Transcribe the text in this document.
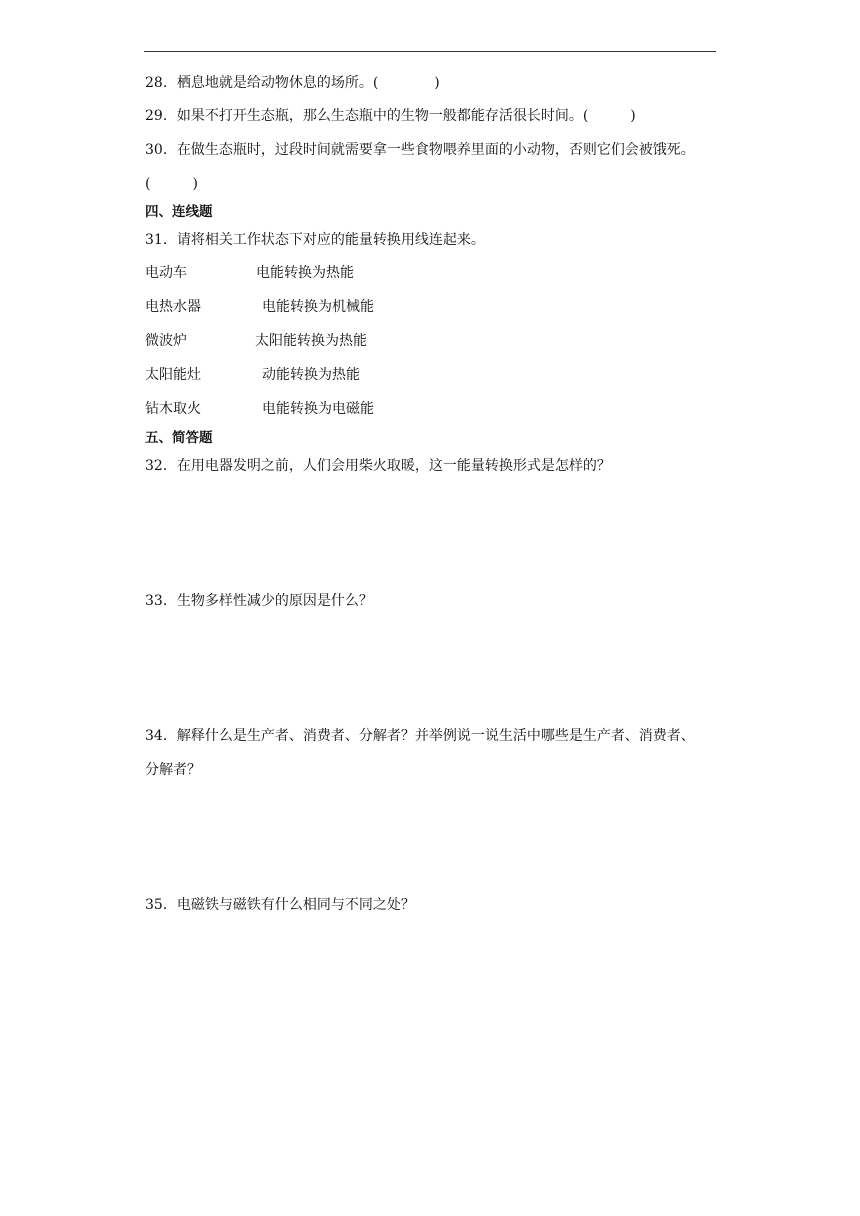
28．栖息地就是给动物休息的场所。(　　　　)
29．如果不打开生态瓶，那么生态瓶中的生物一般都能存活很长时间。(　　　)
30．在做生态瓶时，过段时间就需要拿一些食物喂养里面的小动物，否则它们会被饿死。
(　　　)
四、连线题
31．请将相关工作状态下对应的能量转换用线连起来。
电动车	电能转换为热能
电热水器	电能转换为机械能
微波炉	太阳能转换为热能
太阳能灶	动能转换为热能
钻木取火	电能转换为电磁能
五、简答题
32．在用电器发明之前，人们会用柴火取暖，这一能量转换形式是怎样的？
33．生物多样性减少的原因是什么？
34．解释什么是生产者、消费者、分解者？并举例说一说生活中哪些是生产者、消费者、
分解者？
35．电磁铁与磁铁有什么相同与不同之处？
